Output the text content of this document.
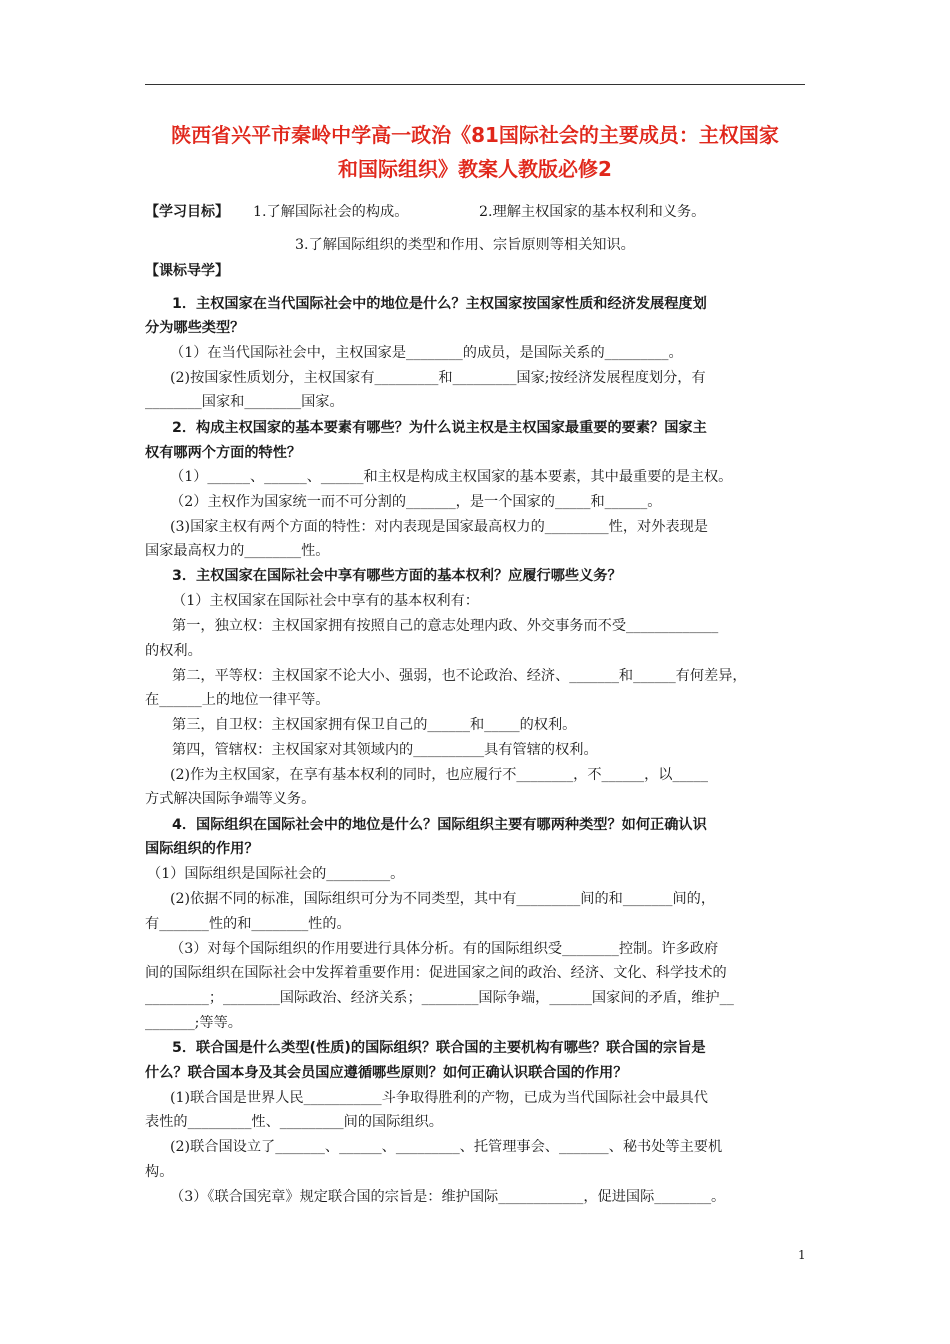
陕西省兴平市秦岭中学高一政治《81国际社会的主要成员：主权国家
和国际组织》教案人教版必修2
【学习目标】 1.了解国际社会的构成。	2.理解主权国家的基本权利和义务。
3.了解国际组织的类型和作用、宗旨原则等相关知识。
【课标导学】
1．主权国家在当代国际社会中的地位是什么？主权国家按国家性质和经济发展程度划
分为哪些类型？
（1）在当代国际社会中，主权国家是________的成员，是国际关系的_________。
(2)按国家性质划分，主权国家有_________和_________国家;按经济发展程度划分，有
________国家和________国家。
2．构成主权国家的基本要素有哪些？为什么说主权是主权国家最重要的要素？国家主
权有哪两个方面的特性？
（1）______、______、______和主权是构成主权国家的基本要素，其中最重要的是主权。
（2）主权作为国家统一而不可分割的_______，是一个国家的_____和______。
(3)国家主权有两个方面的特性：对内表现是国家最高权力的_________性，对外表现是
国家最高权力的________性。
3．主权国家在国际社会中享有哪些方面的基本权利？应履行哪些义务？
（1）主权国家在国际社会中享有的基本权利有：
第一，独立权：主权国家拥有按照自己的意志处理内政、外交事务而不受_____________
的权利。
第二，平等权：主权国家不论大小、强弱，也不论政治、经济、_______和______有何差异，
在______上的地位一律平等。
第三，自卫权：主权国家拥有保卫自己的______和_____的权利。
第四，管辖权：主权国家对其领域内的__________具有管辖的权利。
(2)作为主权国家，在享有基本权利的同时，也应履行不________，不______，以_____
方式解决国际争端等义务。
4．国际组织在国际社会中的地位是什么？国际组织主要有哪两种类型？如何正确认识
国际组织的作用？
（1）国际组织是国际社会的_________。
(2)依据不同的标准，国际组织可分为不同类型，其中有_________间的和_______间的，
有_______性的和________性的。
（3）对每个国际组织的作用要进行具体分析。有的国际组织受________控制。许多政府
间的国际组织在国际社会中发挥着重要作用：促进国家之间的政治、经济、文化、科学技术的
_________；________国际政治、经济关系；________国际争端，______国家间的矛盾，维护__
_______;等等。
5．联合国是什么类型(性质)的国际组织？联合国的主要机构有哪些？联合国的宗旨是
什么？联合国本身及其会员国应遵循哪些原则？如何正确认识联合国的作用？
(1)联合国是世界人民___________斗争取得胜利的产物，已成为当代国际社会中最具代
表性的_________性、_________间的国际组织。
(2)联合国设立了_______、______、_________、托管理事会、_______、秘书处等主要机
构。
（3）《联合国宪章》规定联合国的宗旨是：维护国际____________，促进国际________。
1
